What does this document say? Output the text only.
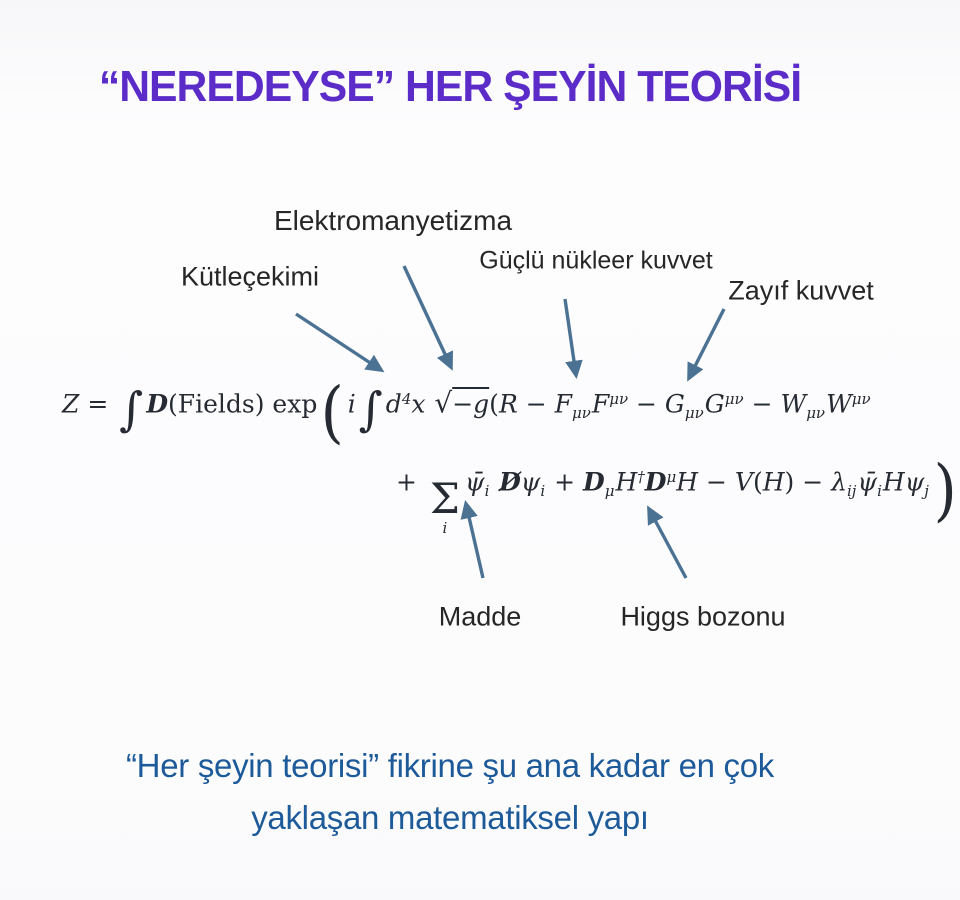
“NEREDEYSE” HER ŞEYİN TEORİSİ
Elektromanyetizma
Kütleçekimi
Güçlü nükleer kuvvet
Zayıf kuvvet
Madde	Higgs bozonu
Z = ∫ D(Fields) exp( i∫ $d^4x$ $√-g(R - F_{\mu\nu}F^{\mu\nu} - G_{\mu\nu}G^{\mu\nu} - W_{\mu\nu}W^{\mu\nu}$
+ Σ
i
$\psī_i$ $D̸\psi_i + D_\mu H^\dagger D^\mu H - V(H)$ − $\lambda_{ij}\psī_iH\psi_j$)
“Her şeyin teorisi” fikrine şu ana kadar en çok
yaklaşan matematiksel yapı
